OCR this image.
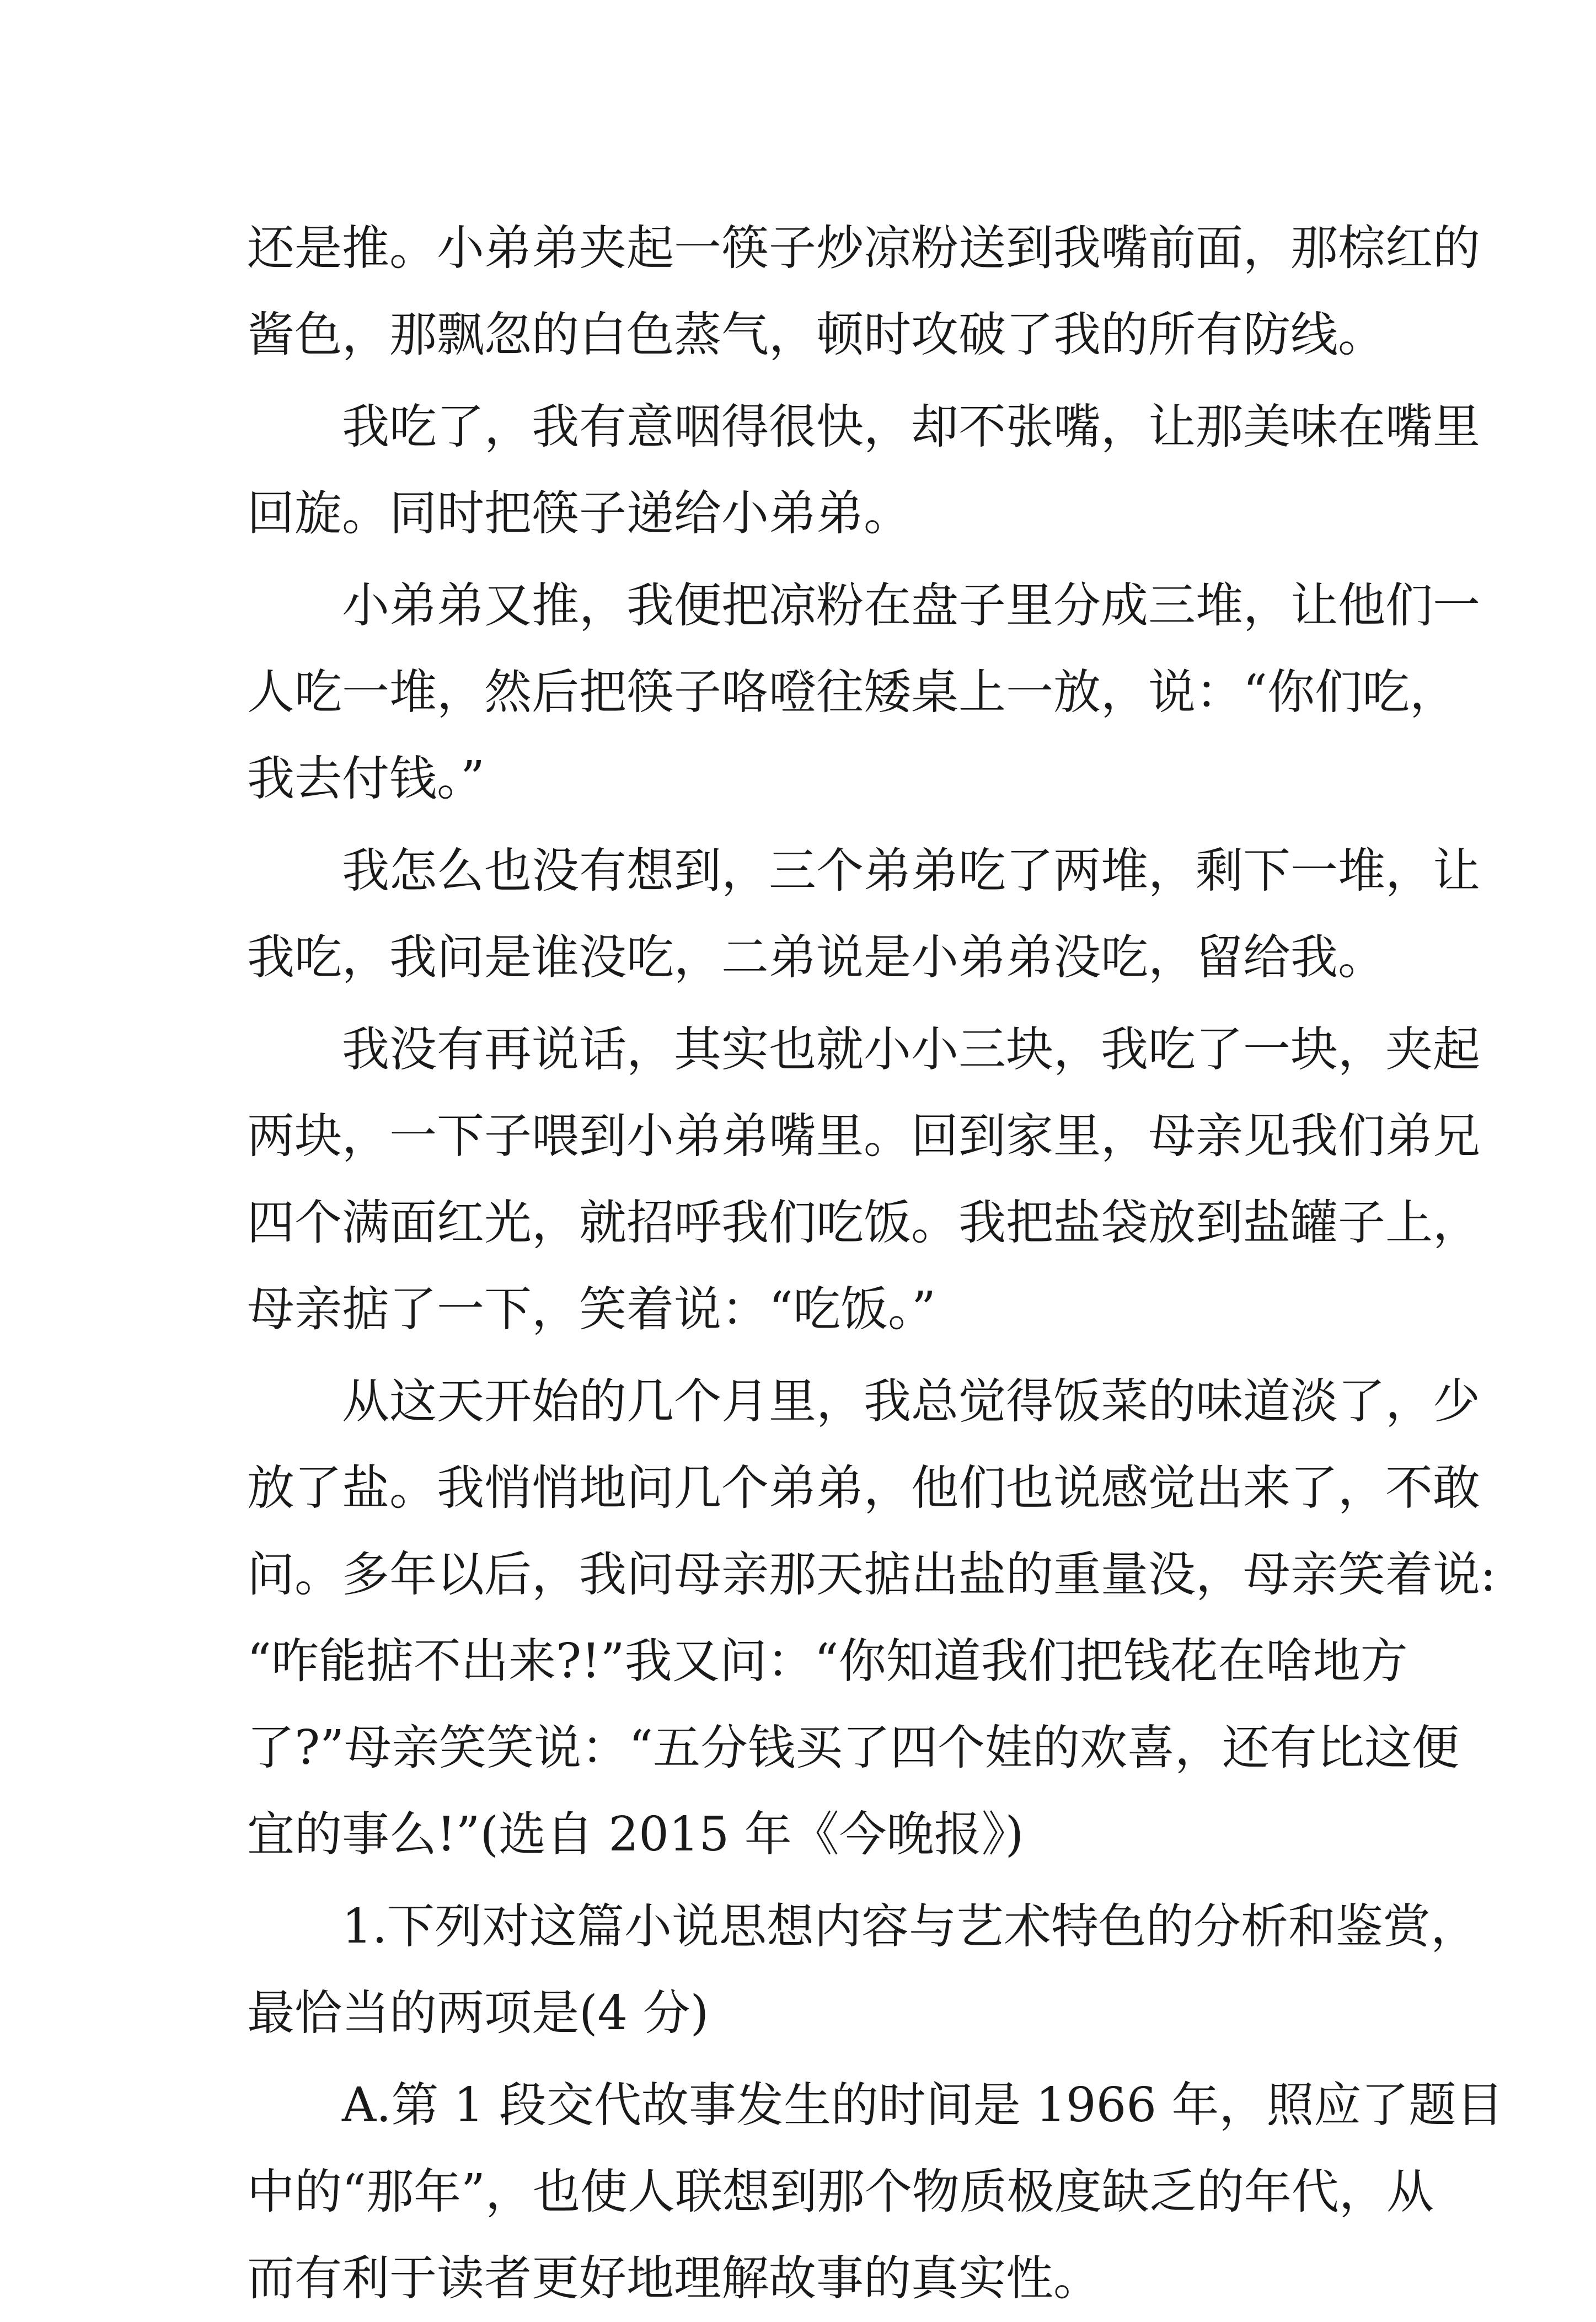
还是推。小弟弟夹起一筷子炒凉粉送到我嘴前面，那棕红的
酱色，那飘忽的白色蒸气，顿时攻破了我的所有防线。
我吃了，我有意咽得很快，却不张嘴，让那美味在嘴里
回旋。同时把筷子递给小弟弟。
小弟弟又推，我便把凉粉在盘子里分成三堆，让他们一
人吃一堆，然后把筷子咯噔往矮桌上一放，说：“你们吃，
我去付钱。”
我怎么也没有想到，三个弟弟吃了两堆，剩下一堆，让
我吃，我问是谁没吃，二弟说是小弟弟没吃，留给我。
我没有再说话，其实也就小小三块，我吃了一块，夹起
两块，一下子喂到小弟弟嘴里。回到家里，母亲见我们弟兄
四个满面红光，就招呼我们吃饭。我把盐袋放到盐罐子上，
母亲掂了一下，笑着说：“吃饭。”
从这天开始的几个月里，我总觉得饭菜的味道淡了，少
放了盐。我悄悄地问几个弟弟，他们也说感觉出来了，不敢
问。多年以后，我问母亲那天掂出盐的重量没，母亲笑着说:
“咋能掂不出来?!”我又问：“你知道我们把钱花在啥地方
了?”母亲笑笑说：“五分钱买了四个娃的欢喜，还有比这便
宜的事么!”(选自 2015 年《今晚报》)
1.下列对这篇小说思想内容与艺术特色的分析和鉴赏，
最恰当的两项是(4 分)
A.第 1 段交代故事发生的时间是 1966 年，照应了题目
中的“那年”，也使人联想到那个物质极度缺乏的年代，从
而有利于读者更好地理解故事的真实性。
